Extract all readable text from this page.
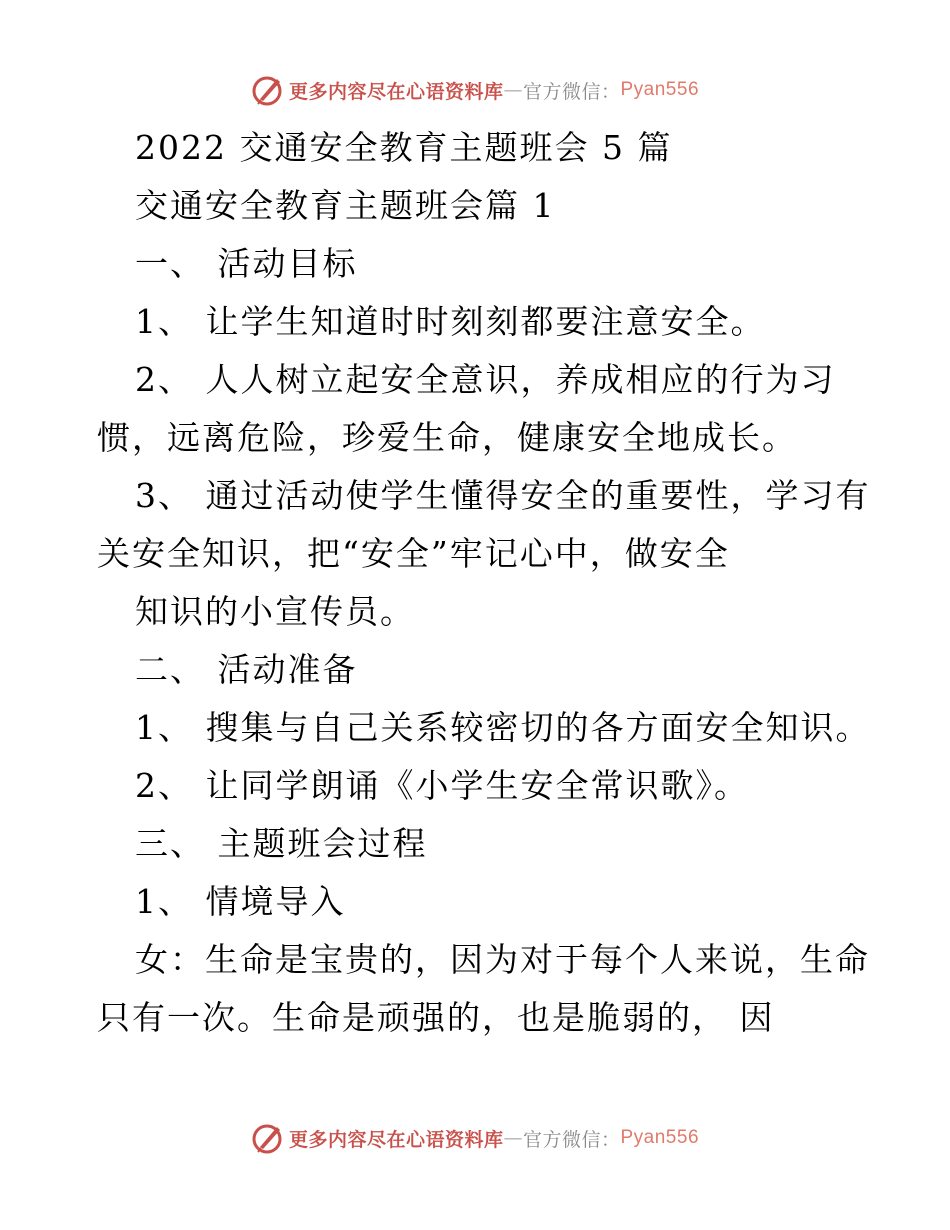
更多内容尽在心语资料库 — 官方微信： Pyan556
2022 交通安全教育主题班会 5 篇
交通安全教育主题班会篇 1
一、 活动目标
1、 让学生知道时时刻刻都要注意安全。
2、 人人树立起安全意识，养成相应的行为习
惯，远离危险，珍爱生命，健康安全地成长。
3、 通过活动使学生懂得安全的重要性，学习有
关安全知识，把“安全”牢记心中，做安全
知识的小宣传员。
二、 活动准备
1、 搜集与自己关系较密切的各方面安全知识。
2、 让同学朗诵《小学生安全常识歌》。
三、 主题班会过程
1、 情境导入
女：生命是宝贵的，因为对于每个人来说，生命
只有一次。生命是顽强的，也是脆弱的， 因
更多内容尽在心语资料库 — 官方微信： Pyan556
